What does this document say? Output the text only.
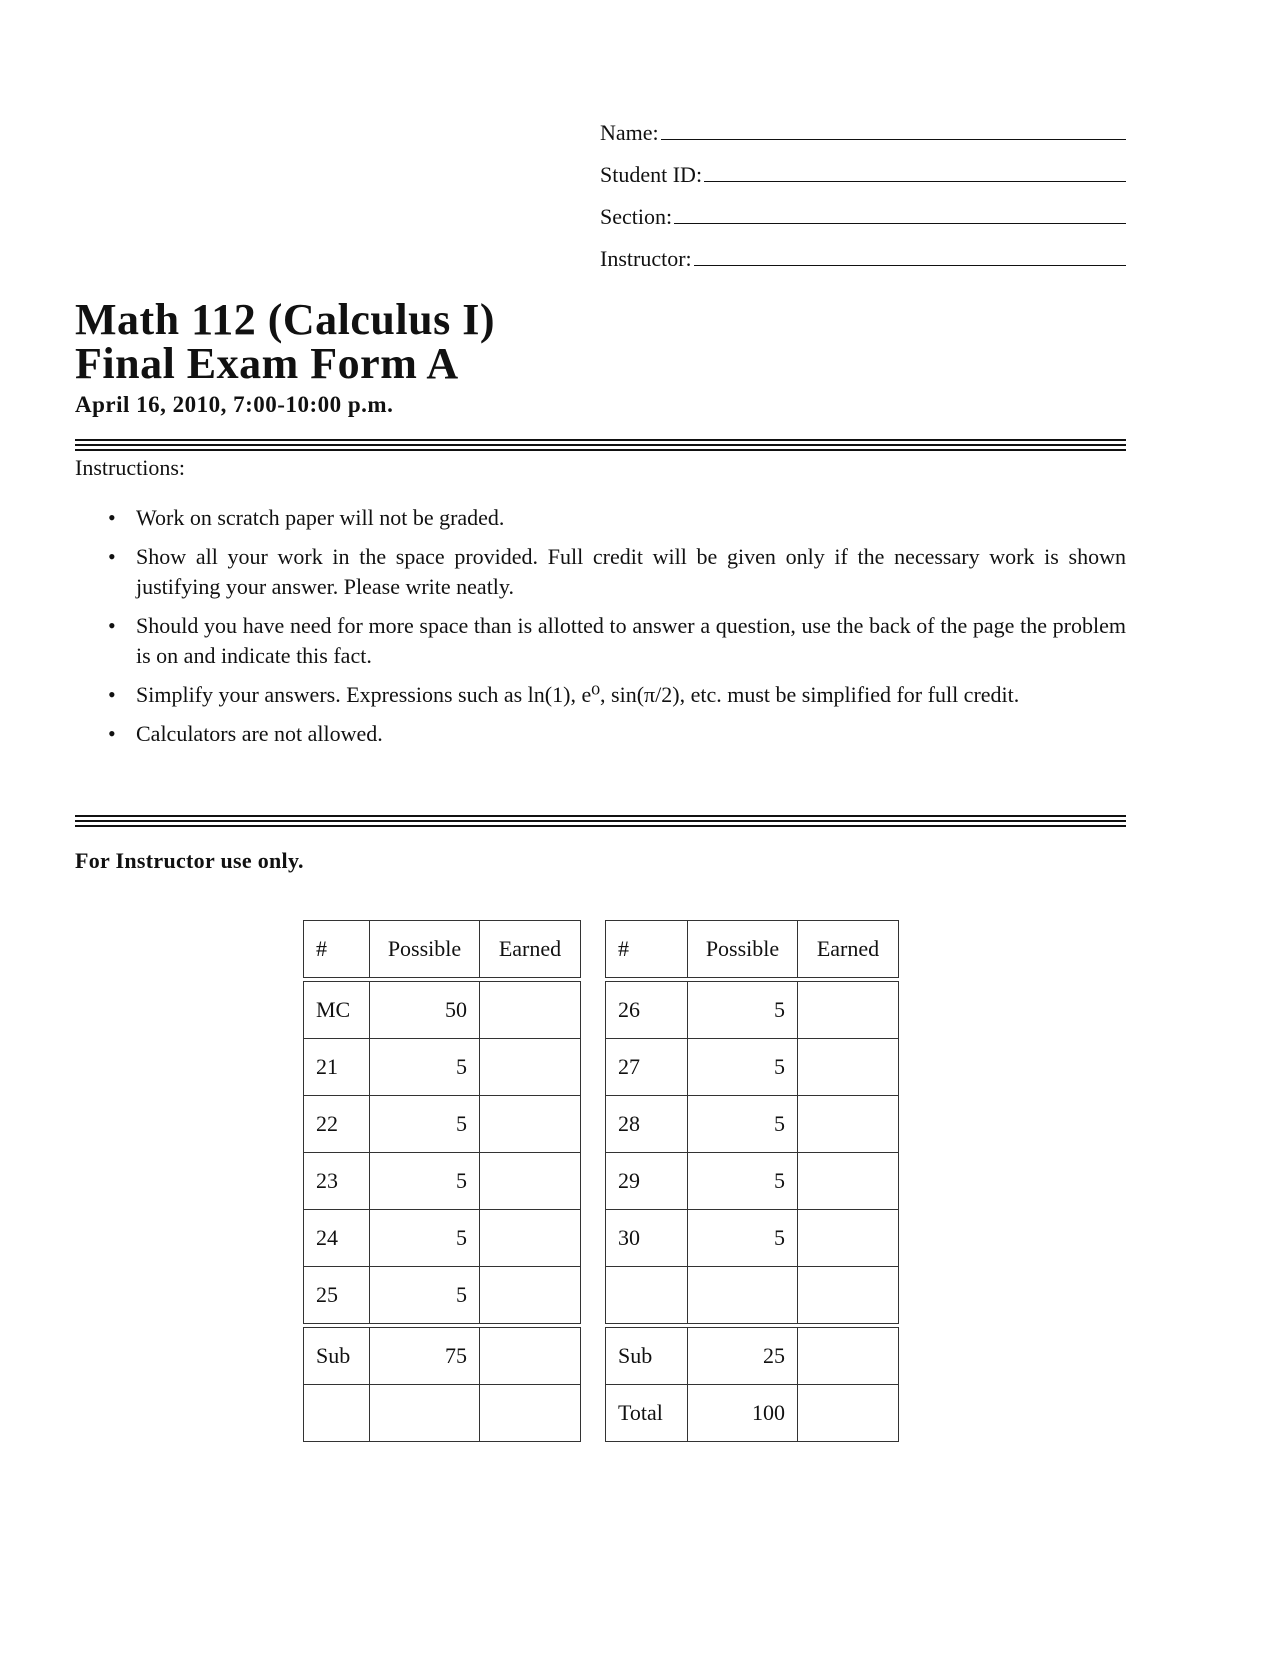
Name:
Student ID:
Section:
Instructor:
Math 112 (Calculus I)
Final Exam Form A
April 16, 2010, 7:00-10:00 p.m.
Instructions:
• Work on scratch paper will not be graded.
• Show all your work in the space provided. Full credit will be given only if the necessary work is shown justifying your answer. Please write neatly.
• Should you have need for more space than is allotted to answer a question, use the back of the page the problem is on and indicate this fact.
• Simplify your answers. Expressions such as ln(1), e⁰, sin(π/2), etc. must be simplified for full credit.
• Calculators are not allowed.
For Instructor use only.
#	Possible	Earned
MC	50	
21	5	
22	5	
23	5	
24	5	
25	5	
Sub	75	

#	Possible	Earned
26	5	
27	5	
28	5	
29	5	
30	5	

Sub	25	
Total	100	
